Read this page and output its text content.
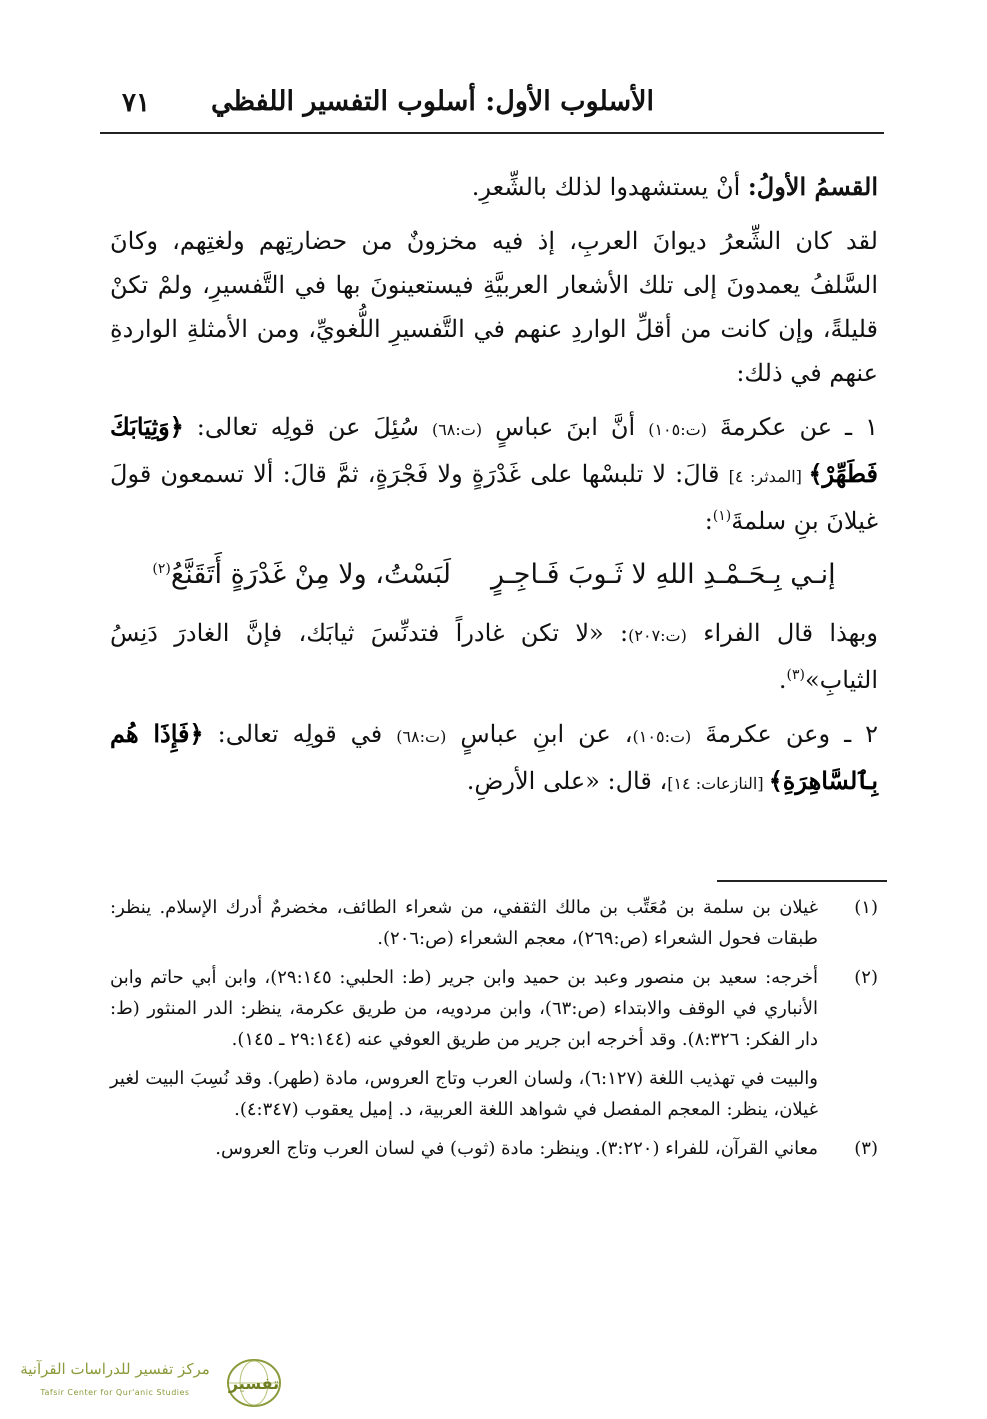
٧١ الأسلوب الأول: أسلوب التفسير اللفظي

القسمُ الأولُ: أنْ يستشهدوا لذلك بالشِّعرِ.

لقد كان الشِّعرُ ديوانَ العربِ، إذ فيه مخزونٌ من حضارتِهم ولغتِهم، وكانَ السَّلفُ يعمدونَ إلى تلك الأشعار العربيَّةِ فيستعينونَ بها في التَّفسيرِ، ولمْ تكنْ قليلةً، وإن كانت من أقلِّ الواردِ عنهم في التَّفسيرِ اللُّغويِّ، ومن الأمثلةِ الواردةِ عنهم في ذلك:

١ ـ عن عكرمةَ (ت:١٠٥) أنَّ ابنَ عباسٍ (ت:٦٨) سُئِلَ عن قولِه تعالى: ﴿وَثِيَابَكَ فَطَهِّرْ﴾ [المدثر: ٤] قالَ: لا تلبسْها على غَدْرَةٍ ولا فَجْرَةٍ، ثمَّ قالَ: ألا تسمعون قولَ غيلانَ بنِ سلمةَ$^{(١)}$:

إنـي بِـحَـمْـدِ اللهِ لا ثَـوبَ فَـاجِـرٍ
لَبَسْتُ، ولا مِنْ غَدْرَةٍ أَتَقَنَّعُ$^{(٢)}$

وبهذا قال الفراء (ت:٢٠٧): «لا تكن غادراً فتدنِّسَ ثيابَك، فإنَّ الغادرَ دَنِسُ الثيابِ»$^{(٣)}$.

٢ ـ وعن عكرمةَ (ت:١٠٥)، عن ابنِ عباسٍ (ت:٦٨) في قولِه تعالى: ﴿فَإِذَا هُم بِٱلسَّاهِرَةِ﴾ [النازعات: ١٤]، قال: «على الأرضِ.

(١)
غيلان بن سلمة بن مُعَتِّب بن مالك الثقفي، من شعراء الطائف، مخضرمٌ أدرك الإسلام. ينظر: طبقات فحول الشعراء (ص:٢٦٩)، معجم الشعراء (ص:٢٠٦).
(٢)
أخرجه: سعيد بن منصور وعبد بن حميد وابن جرير (ط: الحلبي: ٢٩:١٤٥)، وابن أبي حاتم وابن الأنباري في الوقف والابتداء (ص:٦٣)، وابن مردويه، من طريق عكرمة، ينظر: الدر المنثور (ط: دار الفكر: ٨:٣٢٦). وقد أخرجه ابن جرير من طريق العوفي عنه (٢٩:١٤٤ ـ ١٤٥).
والبيت في تهذيب اللغة (٦:١٢٧)، ولسان العرب وتاج العروس، مادة (طهر). وقد نُسِبَ البيت لغير غيلان، ينظر: المعجم المفصل في شواهد اللغة العربية، د. إميل يعقوب (٤:٣٤٧).
(٣)
معاني القرآن، للفراء (٣:٢٢٠). وينظر: مادة (ثوب) في لسان العرب وتاج العروس.
تفسير
مركز تفسير للدراسات القرآنية
Tafsir Center for Qur'anic Studies
